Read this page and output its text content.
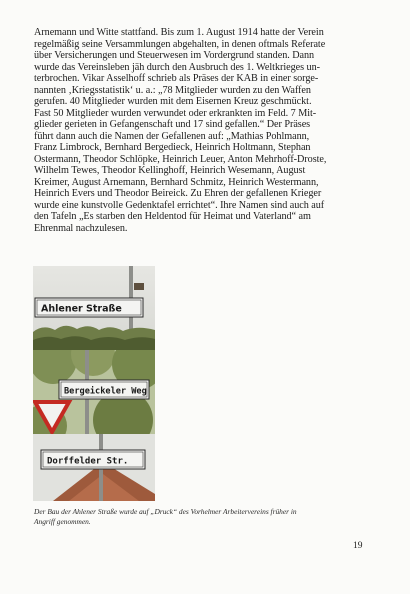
Arnemann und Witte stattfand. Bis zum 1. August 1914 hatte der Verein
regelmäßig seine Versammlungen abgehalten, in denen oftmals Referate
über Versicherungen und Steuerwesen im Vordergrund standen. Dann
wurde das Vereinsleben jäh durch den Ausbruch des 1. Weltkrieges un-
terbrochen. Vikar Asselhoff schrieb als Präses der KAB in einer sorge-
nannten ‚Kriegsstatistik‘ u. a.: „78 Mitglieder wurden zu den Waffen
gerufen. 40 Mitglieder wurden mit dem Eisernen Kreuz geschmückt.
Fast 50 Mitglieder wurden verwundet oder erkrankten im Feld. 7 Mit-
glieder gerieten in Gefangenschaft und 17 sind gefallen.“ Der Präses
führt dann auch die Namen der Gefallenen auf: „Mathias Pohlmann,
Franz Limbrock, Bernhard Bergedieck, Heinrich Holtmann, Stephan
Ostermann, Theodor Schlöpke, Heinrich Leuer, Anton Mehrhoff-Droste,
Wilhelm Tewes, Theodor Kellinghoff, Heinrich Wesemann, August
Kreimer, August Arnemann, Bernhard Schmitz, Heinrich Westermann,
Heinrich Evers und Theodor Beireick. Zu Ehren der gefallenen Krieger
wurde eine kunstvolle Gedenktafel errichtet“. Ihre Namen sind auch auf
den Tafeln „Es starben den Heldentod für Heimat und Vaterland“ am
Ehrenmal nachzulesen.

Ahlener Straße
Bergeickeler Weg
Dorffelder Str.

Der Bau der Ahlener Straße wurde auf „Druck“ des Vorhelmer Arbeitervereins früher in
Angriff genommen.

19
